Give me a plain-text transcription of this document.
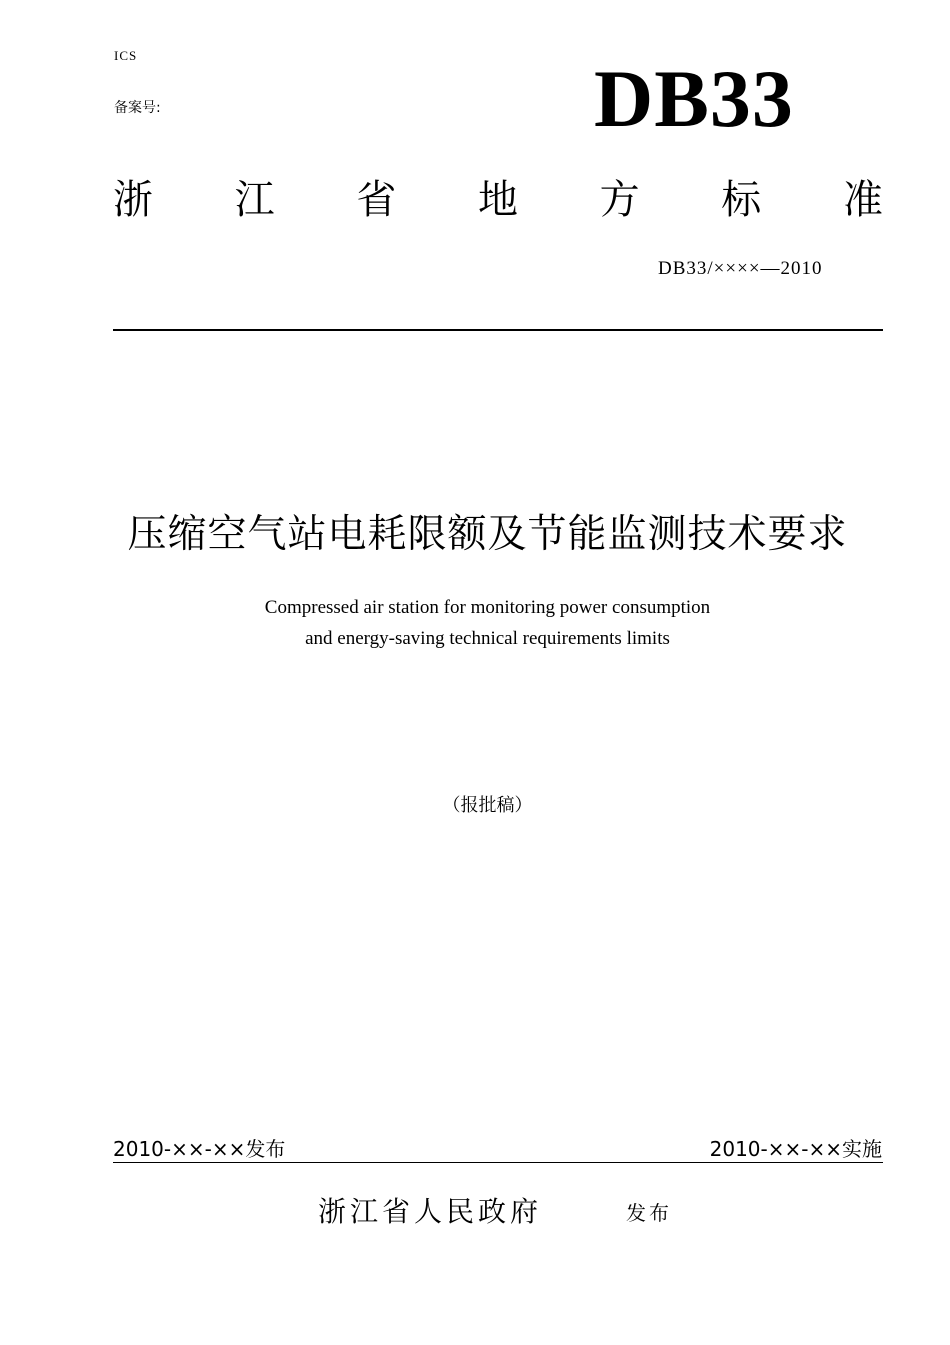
ICS
备案号:	DB33
浙 江 省 地 方 标 准
DB33/××××—2010
压缩空气站电耗限额及节能监测技术要求
Compressed air station for monitoring power consumption
and energy-saving technical requirements limits
（报批稿）
2010-××-××发布	2010-××-××实施
浙江省人民政府	发布
